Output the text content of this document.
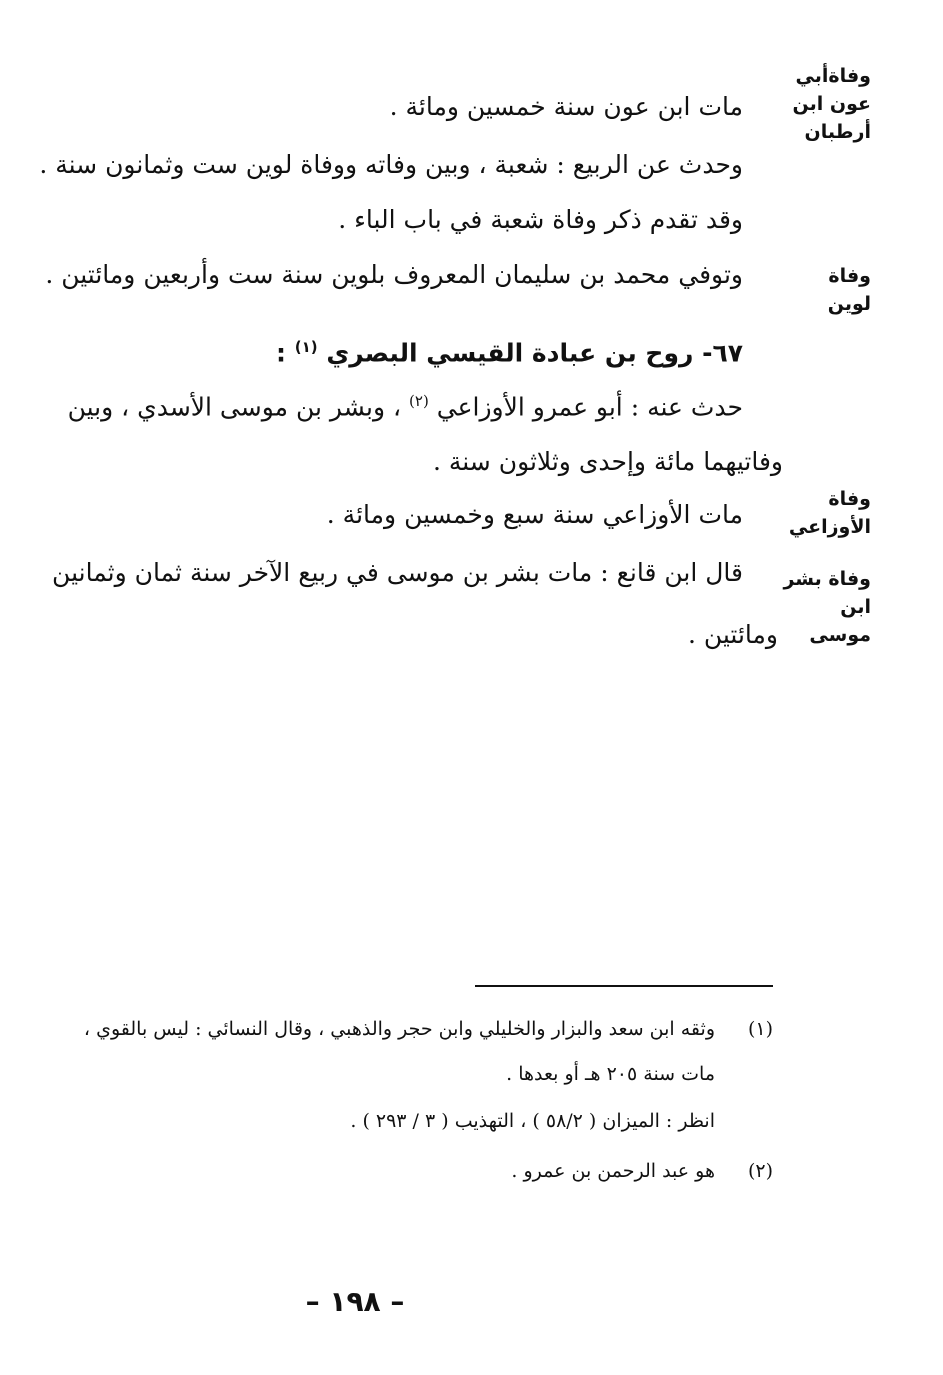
وفاةأبي عون ابن أرطبان
وفاة لوين
وفاة الأوزاعي
وفاة بشر ابن موسى
مات ابن عون سنة خمسين ومائة .
وحدث عن الربيع : شعبة ، وبين وفاته ووفاة لوين ست وثمانون سنة .
وقد تقدم ذكر وفاة شعبة في باب الباء .
وتوفي محمد بن سليمان المعروف بلوين سنة ست وأربعين ومائتين .
٦٧- روح بن عبادة القيسي البصري $^{(١)}$ :
حدث عنه : أبو عمرو الأوزاعي $^{(٢)}$ ، وبشر بن موسى الأسدي ، وبين
وفاتيهما مائة وإحدى وثلاثون سنة .
مات الأوزاعي سنة سبع وخمسين ومائة .
قال ابن قانع : مات بشر بن موسى في ربيع الآخر سنة ثمان وثمانين
ومائتين .
(١)
وثقه ابن سعد والبزار والخليلي وابن حجر والذهبي ، وقال النسائي : ليس بالقوي ،
مات سنة ٢٠٥ هـ أو بعدها .
انظر : الميزان ( ٥٨/٢ ) ، التهذيب ( ٣ / ٢٩٣ ) .
(٢)
هو عبد الرحمن بن عمرو .
– ١٩٨ –
